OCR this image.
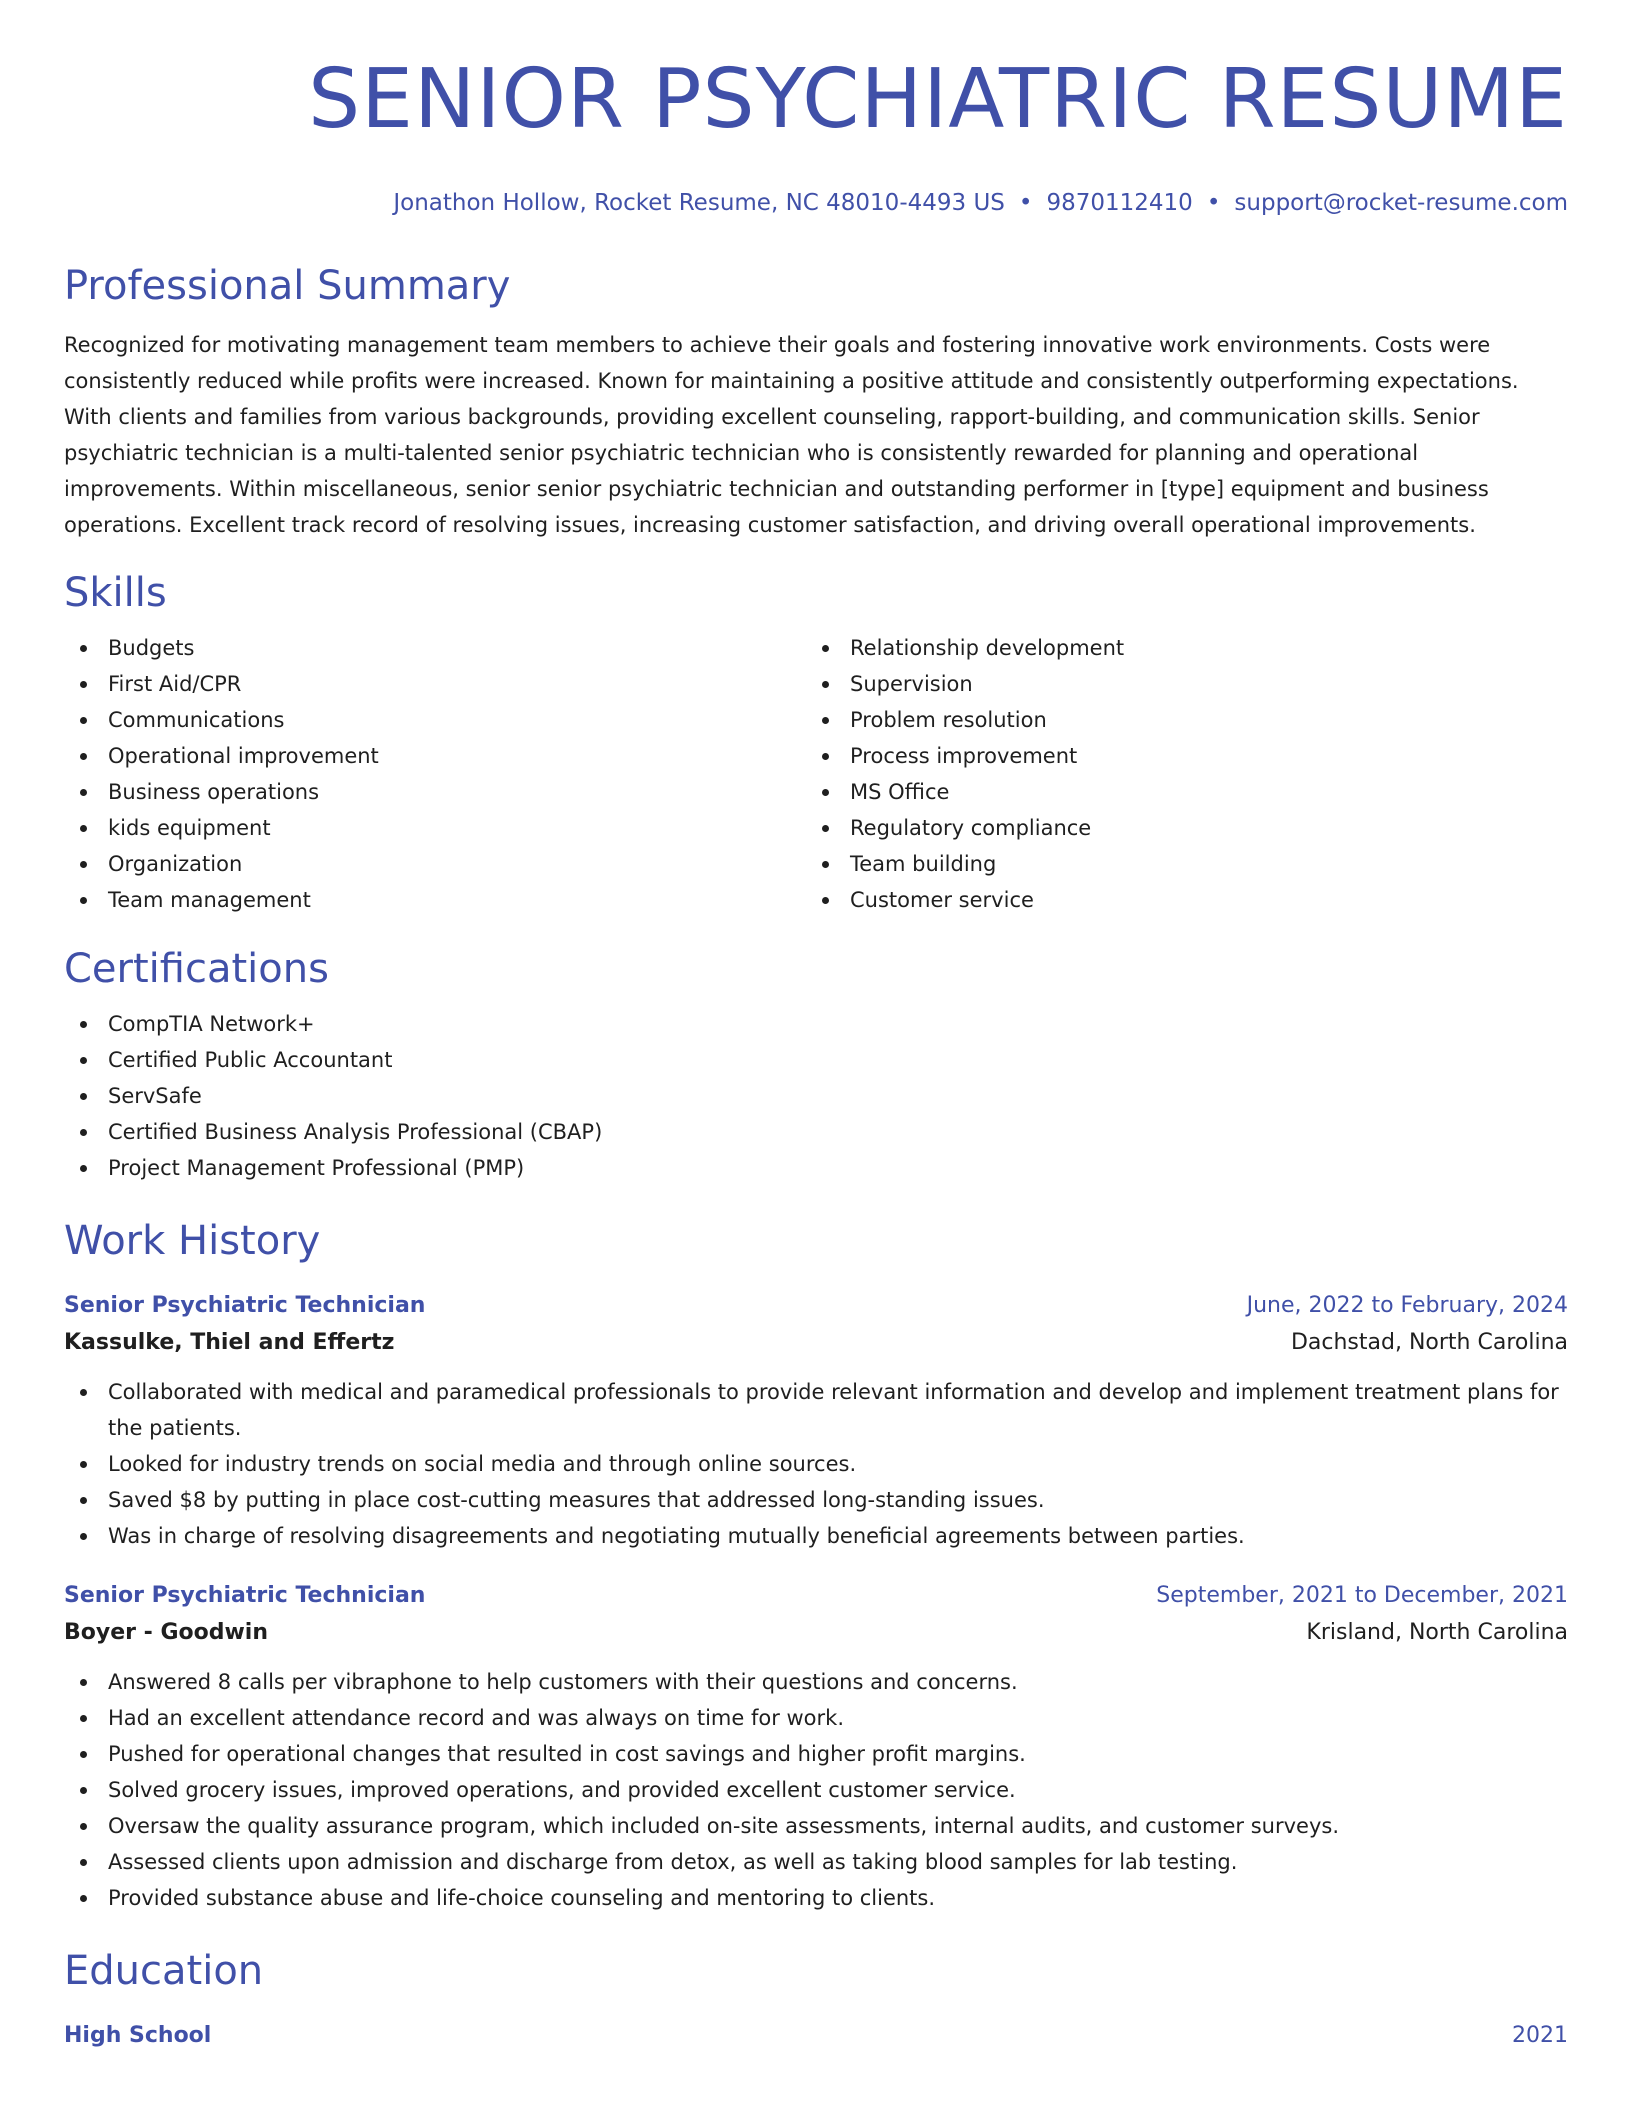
SENIOR PSYCHIATRIC RESUME
Jonathon Hollow, Rocket Resume, NC 48010-4493 US • 9870112410 • support@rocket-resume.com
Professional Summary
Recognized for motivating management team members to achieve their goals and fostering innovative work environments. Costs were consistently reduced while profits were increased. Known for maintaining a positive attitude and consistently outperforming expectations. With clients and families from various backgrounds, providing excellent counseling, rapport-building, and communication skills. Senior psychiatric technician is a multi-talented senior psychiatric technician who is consistently rewarded for planning and operational improvements. Within miscellaneous, senior senior psychiatric technician and outstanding performer in [type] equipment and business operations. Excellent track record of resolving issues, increasing customer satisfaction, and driving overall operational improvements.
Skills
Budgets
First Aid/CPR
Communications
Operational improvement
Business operations
kids equipment
Organization
Team management
Relationship development
Supervision
Problem resolution
Process improvement
MS Office
Regulatory compliance
Team building
Customer service
Certifications
CompTIA Network+
Certified Public Accountant
ServSafe
Certified Business Analysis Professional (CBAP)
Project Management Professional (PMP)
Work History
Senior Psychiatric Technician	June, 2022 to February, 2024
Kassulke, Thiel and Effertz	Dachstad, North Carolina
Collaborated with medical and paramedical professionals to provide relevant information and develop and implement treatment plans for the patients.
Looked for industry trends on social media and through online sources.
Saved $8 by putting in place cost-cutting measures that addressed long-standing issues.
Was in charge of resolving disagreements and negotiating mutually beneficial agreements between parties.
Senior Psychiatric Technician	September, 2021 to December, 2021
Boyer - Goodwin	Krisland, North Carolina
Answered 8 calls per vibraphone to help customers with their questions and concerns.
Had an excellent attendance record and was always on time for work.
Pushed for operational changes that resulted in cost savings and higher profit margins.
Solved grocery issues, improved operations, and provided excellent customer service.
Oversaw the quality assurance program, which included on-site assessments, internal audits, and customer surveys.
Assessed clients upon admission and discharge from detox, as well as taking blood samples for lab testing.
Provided substance abuse and life-choice counseling and mentoring to clients.
Education
High School	2021
